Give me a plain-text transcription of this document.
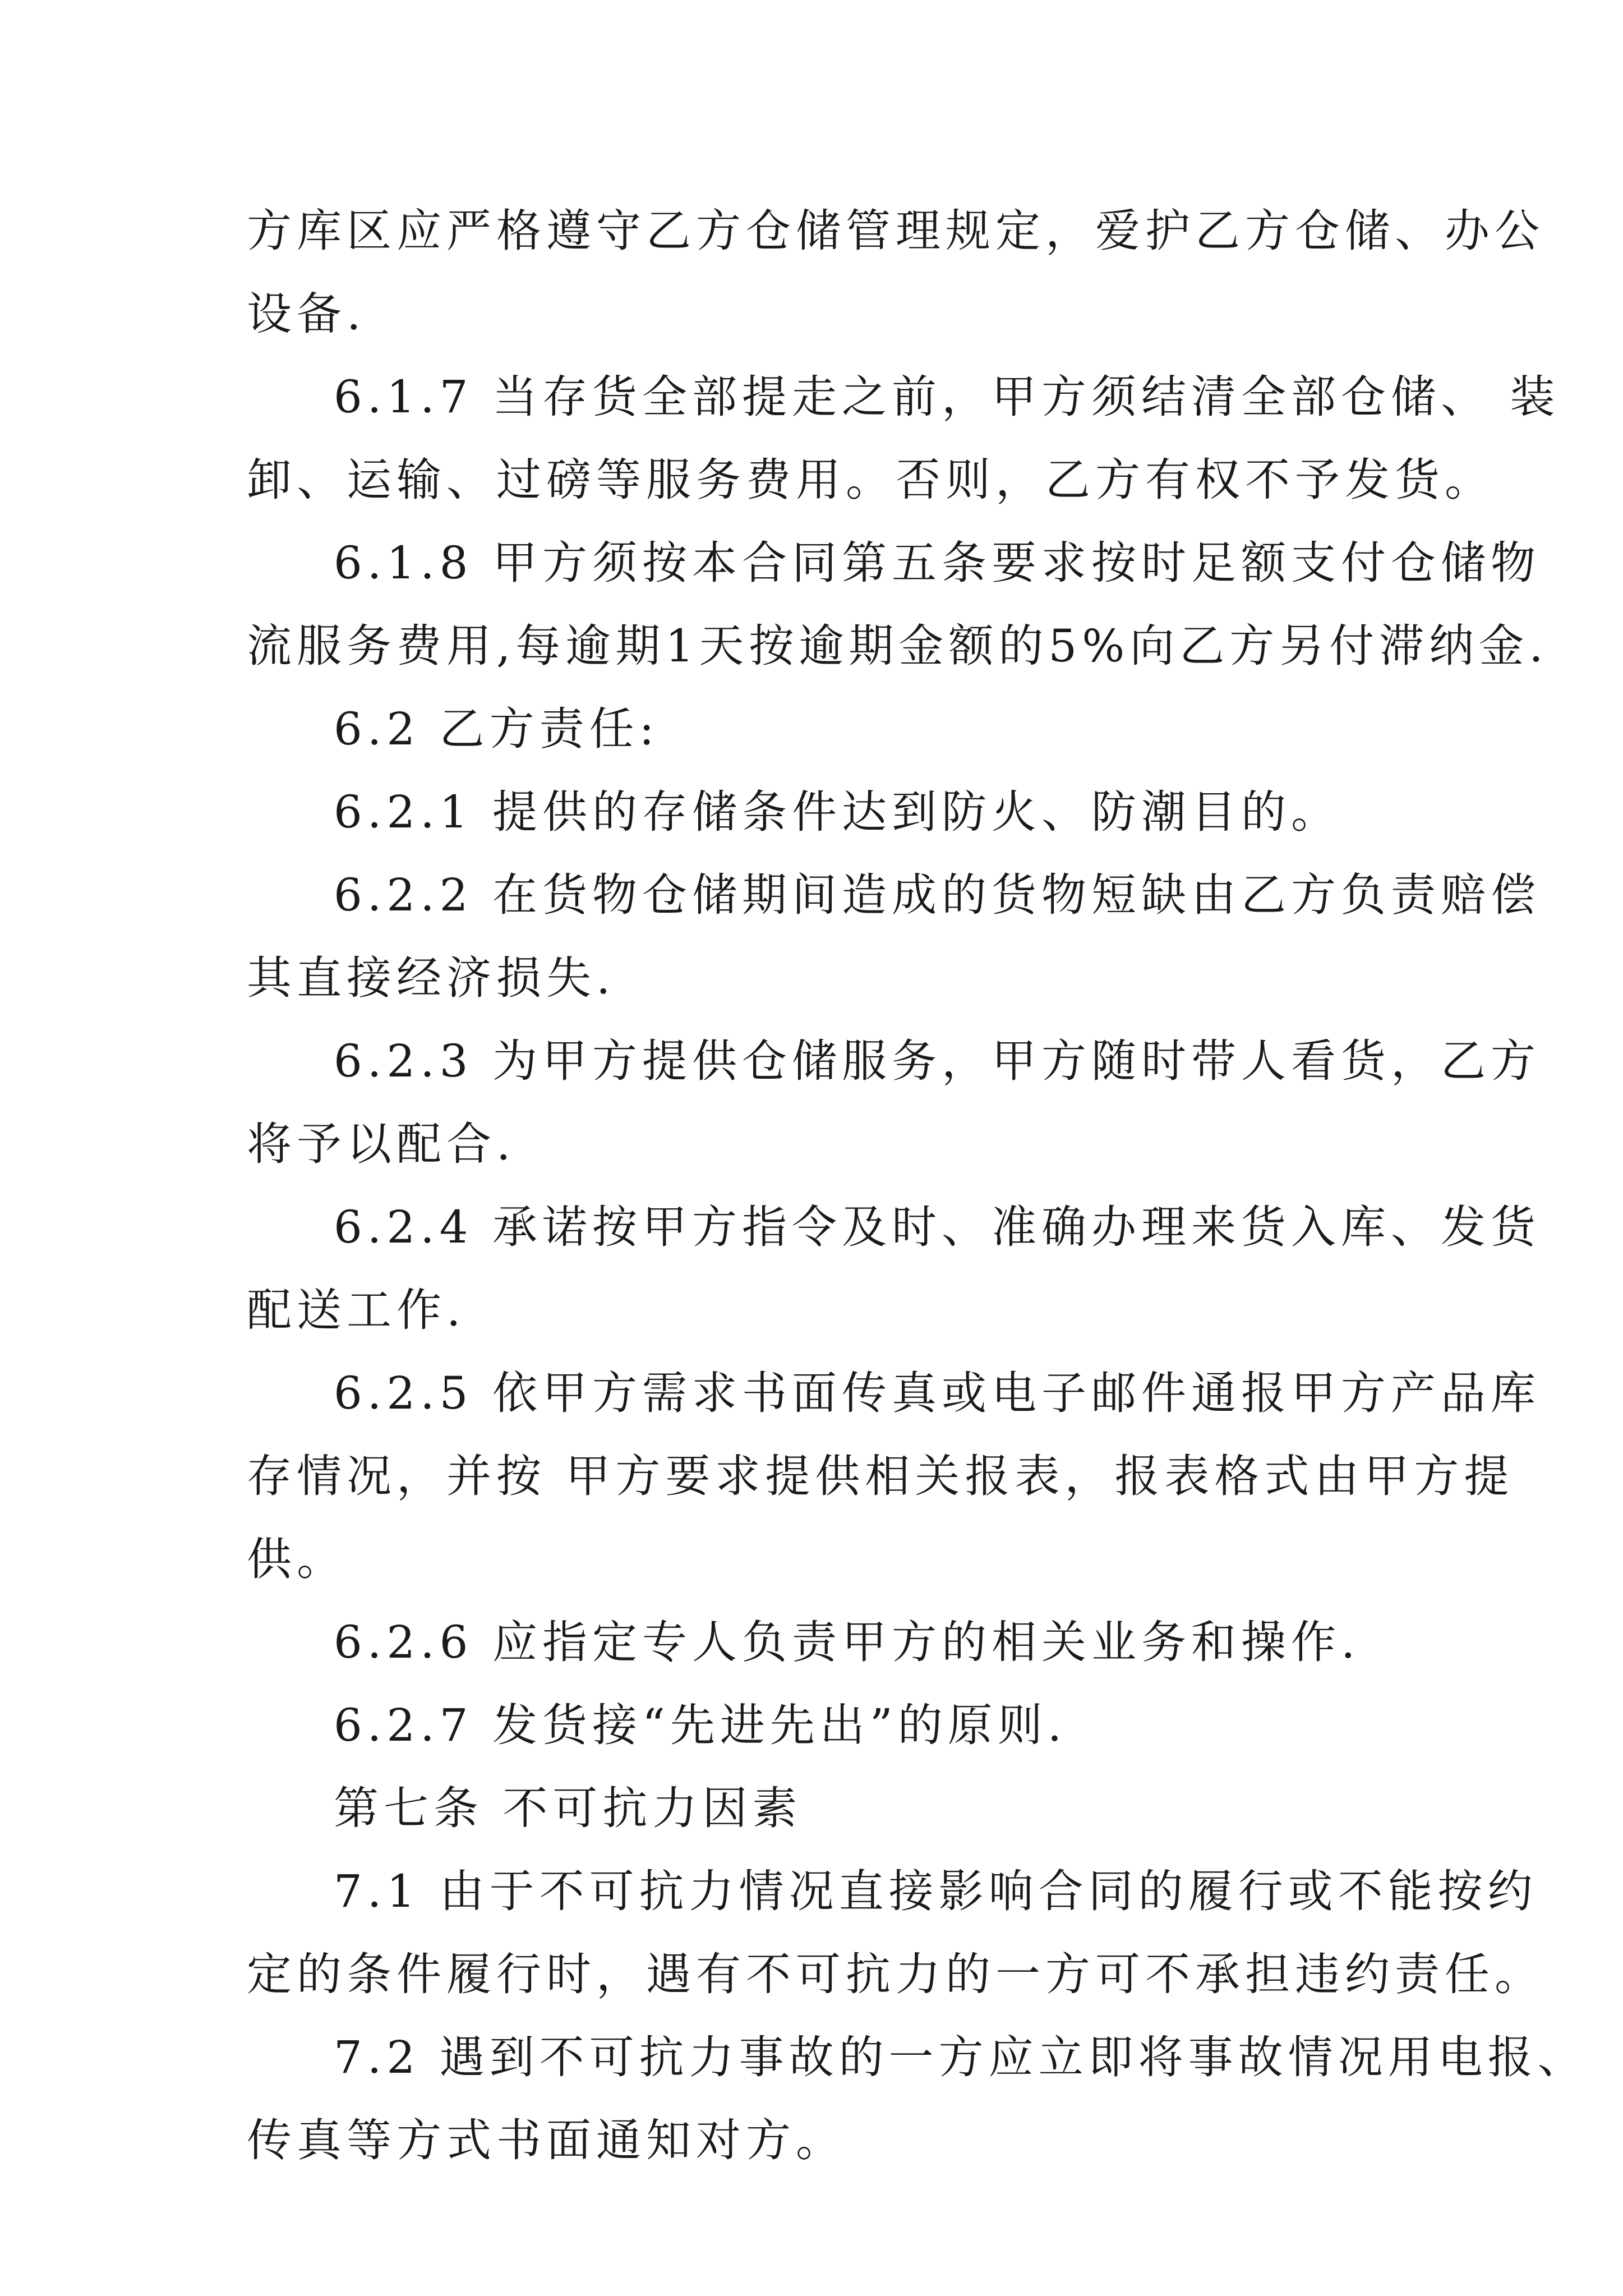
方库区应严格遵守乙方仓储管理规定，爱护乙方仓储、办公
设备.
6.1.7 当存货全部提走之前，甲方须结清全部仓储、 装
卸、运输、过磅等服务费用。否则，乙方有权不予发货。
6.1.8 甲方须按本合同第五条要求按时足额支付仓储物
流服务费用,每逾期1天按逾期金额的5%向乙方另付滞纳金.
6.2 乙方责任:
6.2.1 提供的存储条件达到防火、防潮目的。
6.2.2 在货物仓储期间造成的货物短缺由乙方负责赔偿
其直接经济损失.
6.2.3 为甲方提供仓储服务，甲方随时带人看货，乙方
将予以配合.
6.2.4 承诺按甲方指令及时、准确办理来货入库、发货
配送工作.
6.2.5 依甲方需求书面传真或电子邮件通报甲方产品库
存情况，并按 甲方要求提供相关报表，报表格式由甲方提
供。
6.2.6 应指定专人负责甲方的相关业务和操作.
6.2.7 发货接“先进先出”的原则.
第七条 不可抗力因素
7.1 由于不可抗力情况直接影响合同的履行或不能按约
定的条件履行时，遇有不可抗力的一方可不承担违约责任。
7.2 遇到不可抗力事故的一方应立即将事故情况用电报、
传真等方式书面通知对方。
